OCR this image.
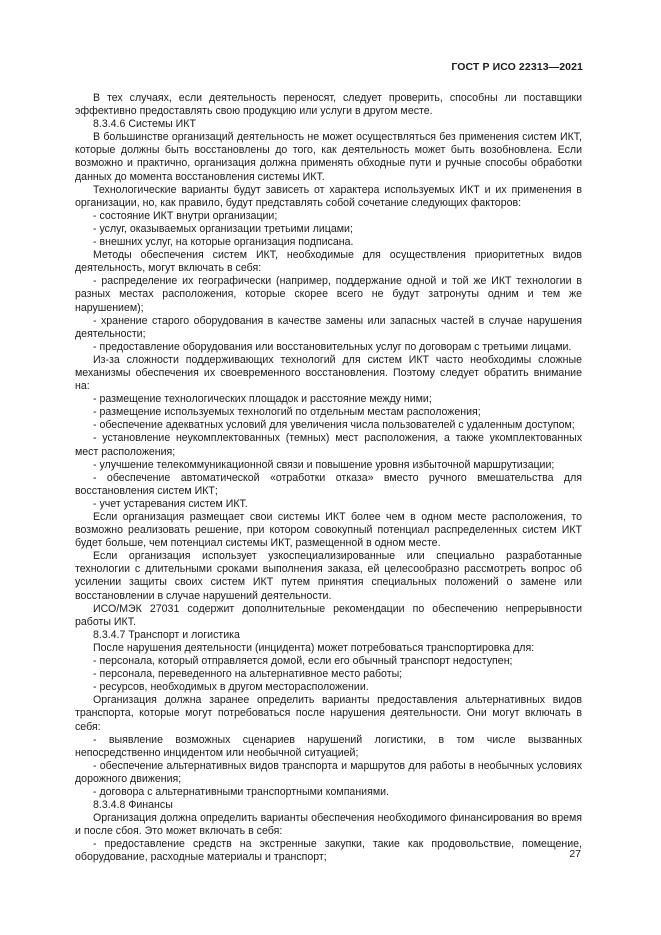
ГОСТ Р ИСО 22313—2021

В тех случаях, если деятельность переносят, следует проверить, способны ли поставщики эффективно предоставлять свою продукцию или услуги в другом месте.

8.3.4.6 Системы ИКТ

В большинстве организаций деятельность не может осуществляться без применения систем ИКТ, которые должны быть восстановлены до того, как деятельность может быть возобновлена. Если возможно и практично, организация должна применять обходные пути и ручные способы обработки данных до момента восстановления системы ИКТ.

Технологические варианты будут зависеть от характера используемых ИКТ и их применения в организации, но, как правило, будут представлять собой сочетание следующих факторов:

- состояние ИКТ внутри организации;

- услуг, оказываемых организации третьими лицами;

- внешних услуг, на которые организация подписана.

Методы обеспечения систем ИКТ, необходимые для осуществления приоритетных видов деятельность, могут включать в себя:

- распределение их географически (например, поддержание одной и той же ИКТ технологии в разных местах расположения, которые скорее всего не будут затронуты одним и тем же нарушением);

- хранение старого оборудования в качестве замены или запасных частей в случае нарушения деятельности;

- предоставление оборудования или восстановительных услуг по договорам с третьими лицами.

Из-за сложности поддерживающих технологий для систем ИКТ часто необходимы сложные механизмы обеспечения их своевременного восстановления. Поэтому следует обратить внимание на:

- размещение технологических площадок и расстояние между ними;

- размещение используемых технологий по отдельным местам расположения;

- обеспечение адекватных условий для увеличения числа пользователей с удаленным доступом;

- установление неукомплектованных (темных) мест расположения, а также укомплектованных мест расположения;

- улучшение телекоммуникационной связи и повышение уровня избыточной маршрутизации;

- обеспечение автоматической «отработки отказа» вместо ручного вмешательства для восстановления систем ИКТ;

- учет устаревания систем ИКТ.

Если организация размещает свои системы ИКТ более чем в одном месте расположения, то возможно реализовать решение, при котором совокупный потенциал распределенных систем ИКТ будет больше, чем потенциал системы ИКТ, размещенной в одном месте.

Если организация использует узкоспециализированные или специально разработанные технологии с длительными сроками выполнения заказа, ей целесообразно рассмотреть вопрос об усилении защиты своих систем ИКТ путем принятия специальных положений о замене или восстановлении в случае нарушений деятельности.

ИСО/МЭК 27031 содержит дополнительные рекомендации по обеспечению непрерывности работы ИКТ.

8.3.4.7 Транспорт и логистика

После нарушения деятельности (инцидента) может потребоваться транспортировка для:

- персонала, который отправляется домой, если его обычный транспорт недоступен;

- персонала, переведенного на альтернативное место работы;

- ресурсов, необходимых в другом месторасположении.

Организация должна заранее определить варианты предоставления альтернативных видов транспорта, которые могут потребоваться после нарушения деятельности. Они могут включать в себя:

- выявление возможных сценариев нарушений логистики, в том числе вызванных непосредственно инцидентом или необычной ситуацией;

- обеспечение альтернативных видов транспорта и маршрутов для работы в необычных условиях дорожного движения;

- договора с альтернативными транспортными компаниями.

8.3.4.8 Финансы

Организация должна определить варианты обеспечения необходимого финансирования во время и после сбоя. Это может включать в себя:

- предоставление средств на экстренные закупки, такие как продовольствие, помещение, оборудование, расходные материалы и транспорт;	27
